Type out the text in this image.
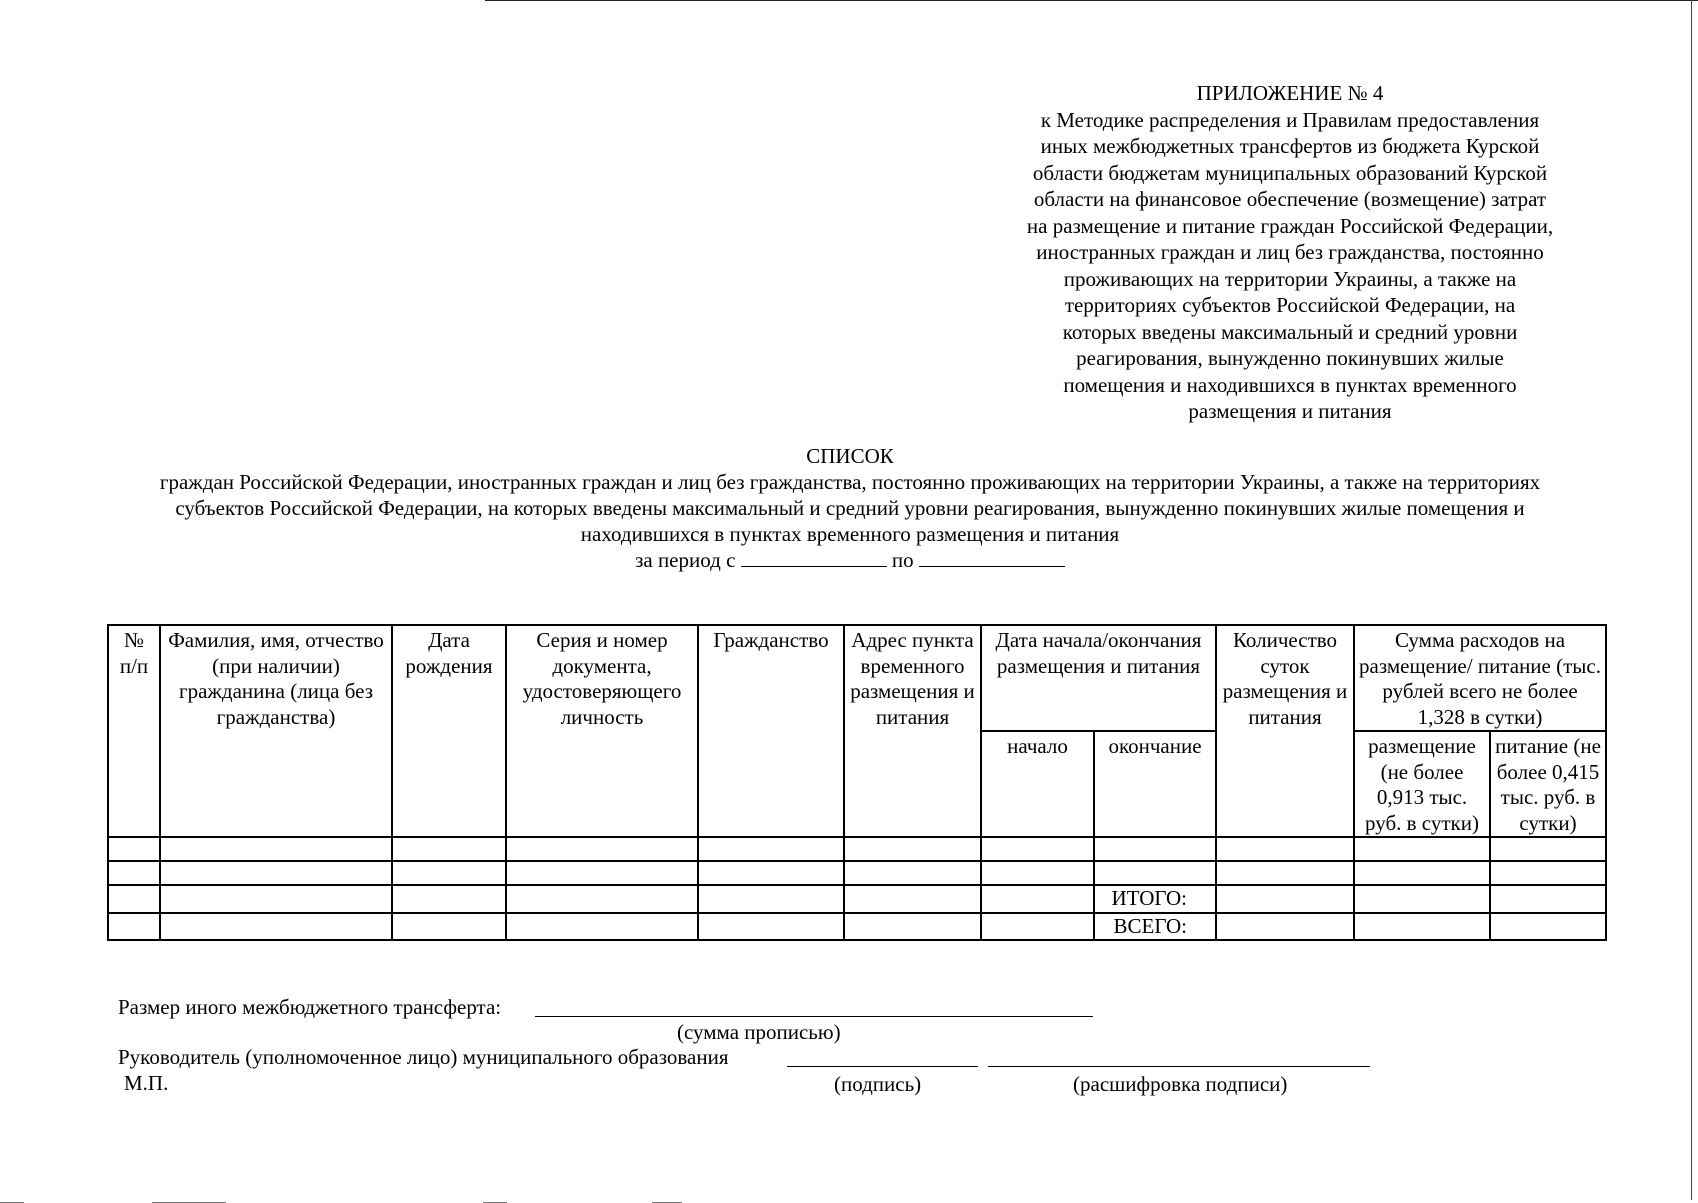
ПРИЛОЖЕНИЕ № 4
к Методике распределения и Правилам предоставления
иных межбюджетных трансфертов из бюджета Курской
области бюджетам муниципальных образований Курской
области на финансовое обеспечение (возмещение) затрат
на размещение и питание граждан Российской Федерации,
иностранных граждан и лиц без гражданства, постоянно
проживающих на территории Украины, а также на
территориях субъектов Российской Федерации, на
которых введены максимальный и средний уровни
реагирования, вынужденно покинувших жилые
помещения и находившихся в пунктах временного
размещения и питания
СПИСОК
граждан Российской Федерации, иностранных граждан и лиц без гражданства, постоянно проживающих на территории Украины, а также на территориях
субъектов Российской Федерации, на которых введены максимальный и средний уровни реагирования, вынужденно покинувших жилые помещения и
находившихся в пунктах временного размещения и питания
за период с	по
№ п/п	Фамилия, имя, отчество (при наличии) гражданина (лица без гражданства)	Дата рождения	Серия и номер документа, удостоверяющего личность	Гражданство	Адрес пункта временного размещения и питания	Дата начала/окончания размещения и питания		Количество суток размещения и питания	Сумма расходов на размещение/ питание (тыс. рублей всего не более 1,328 в сутки)	
						начало	окончание		размещение (не более 0,913 тыс. руб. в сутки)	питание (не более 0,415 тыс. руб. в сутки)

							ИТОГО:			
							ВСЕГО:			
Размер иного межбюджетного трансферта:
(сумма прописью)
Руководитель (уполномоченное лицо) муниципального образования
М.П.	(подпись)	(расшифровка подписи)
